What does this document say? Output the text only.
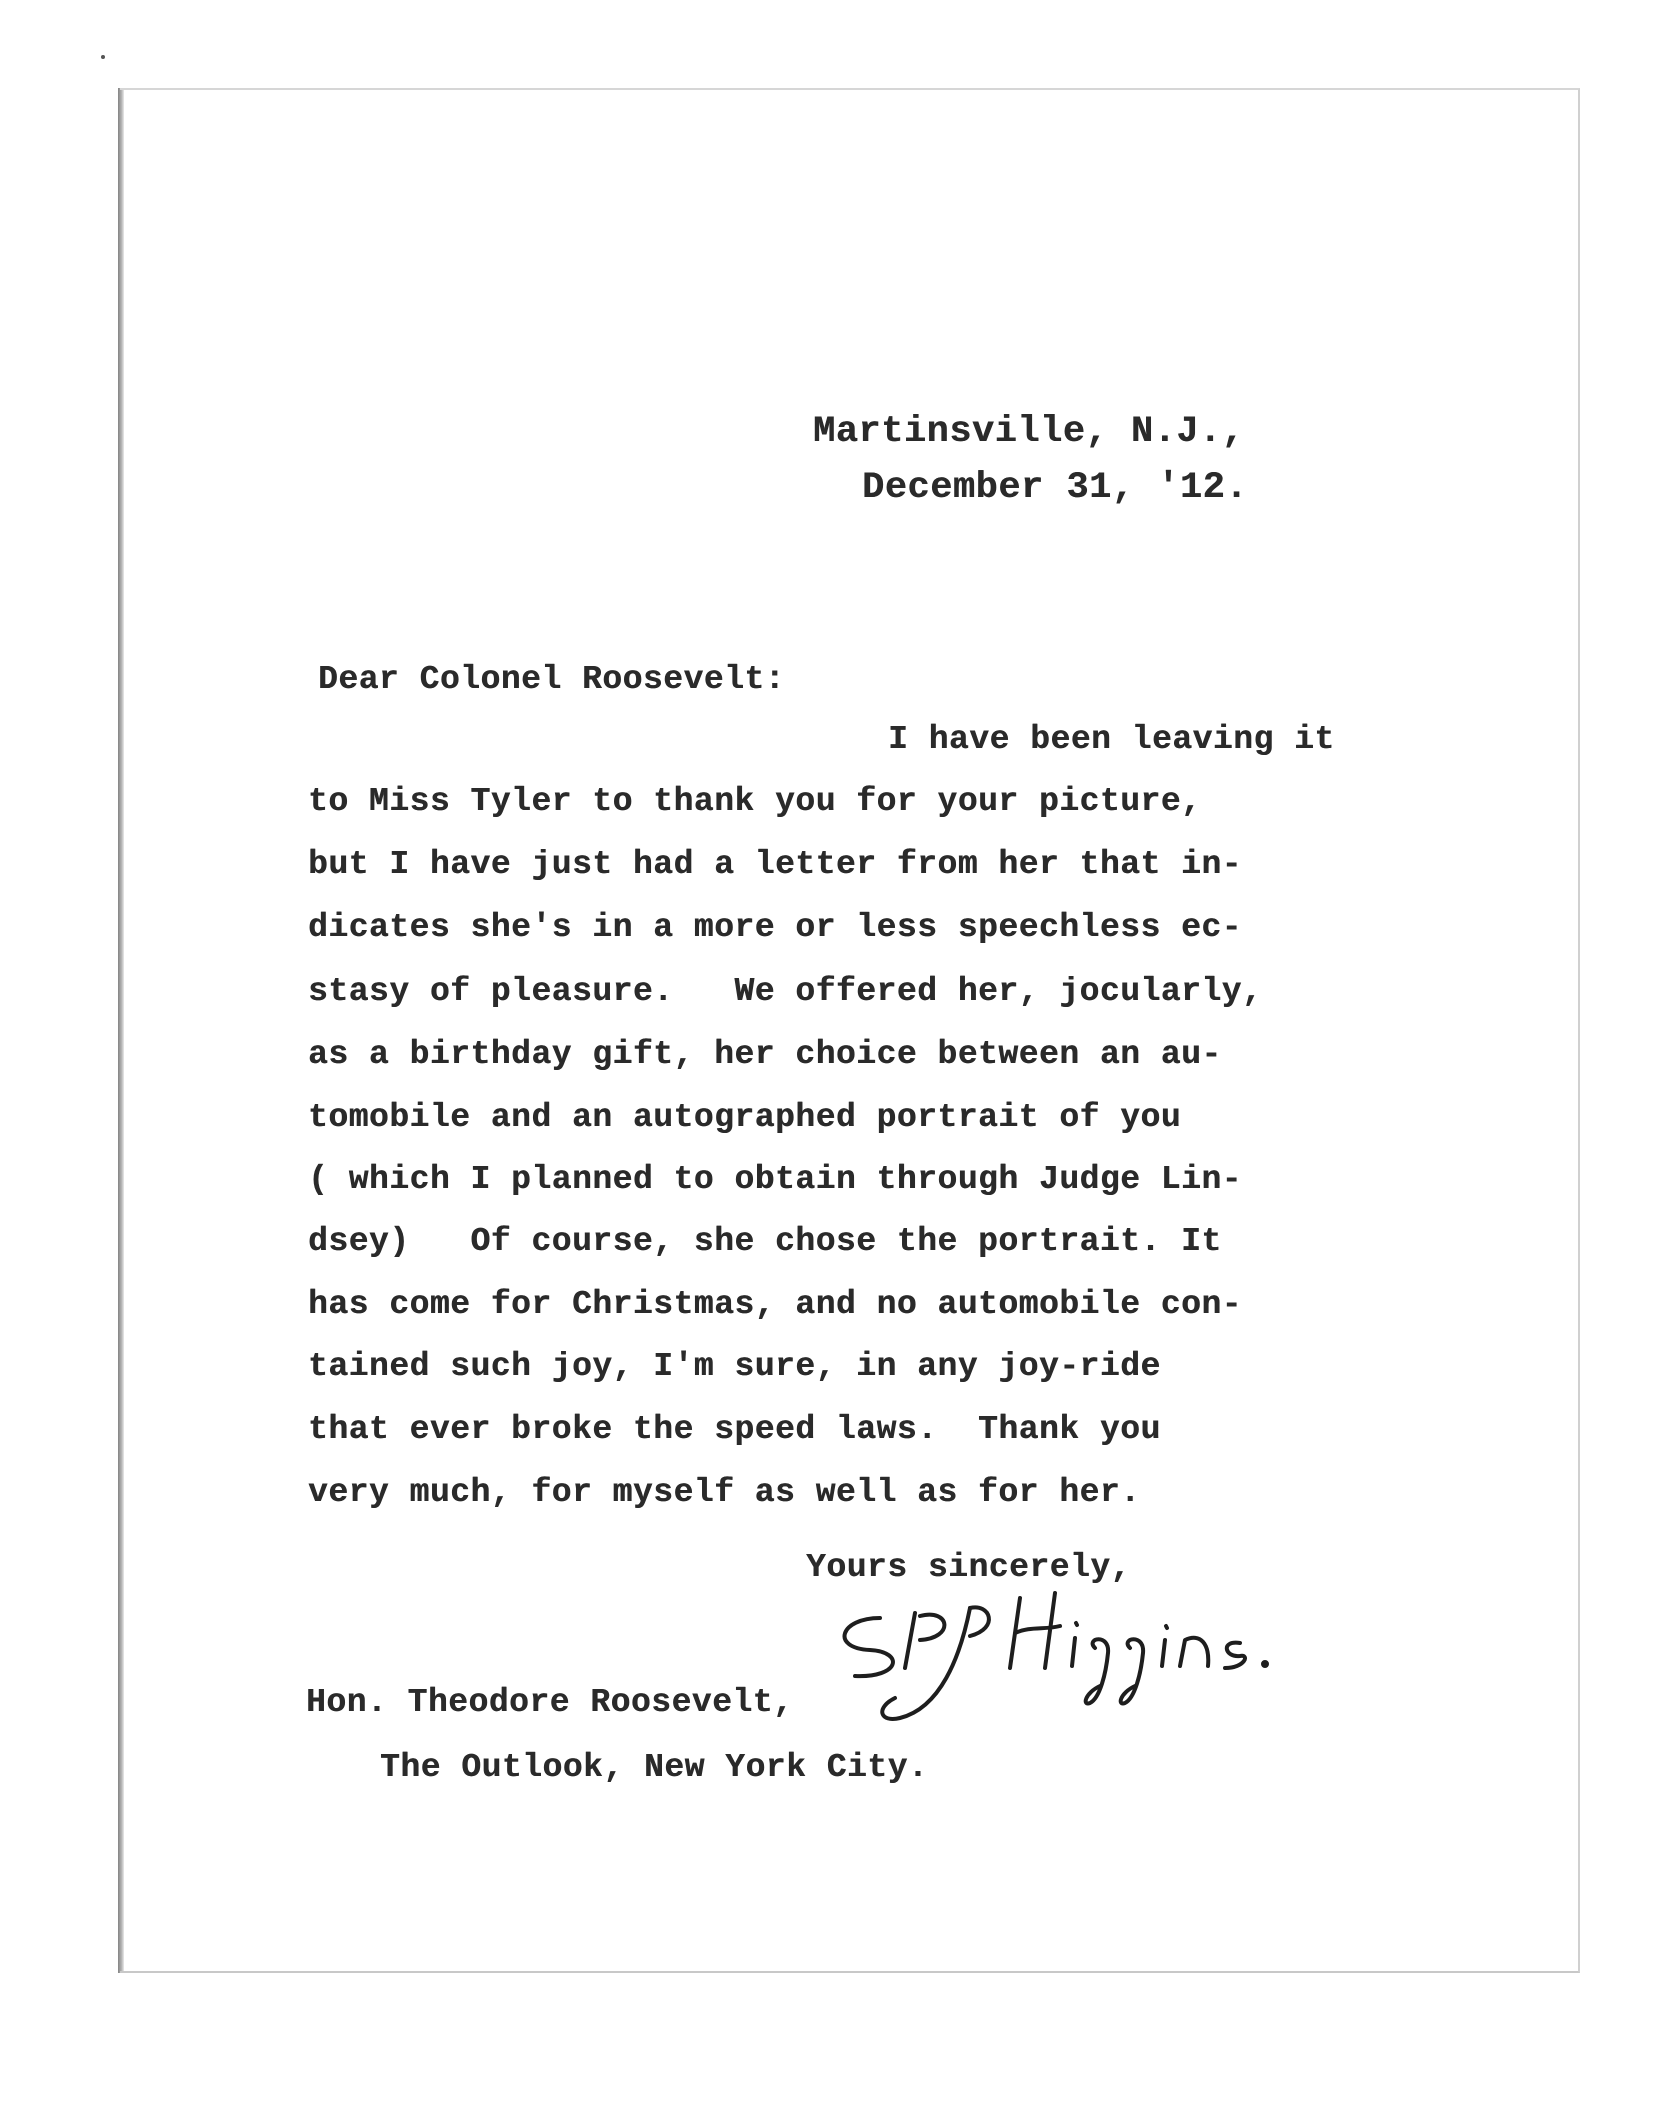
Martinsville, N.J.,
December 31, '12.
Dear Colonel Roosevelt:
I have been leaving it
to Miss Tyler to thank you for your picture,
but I have just had a letter from her that in-
dicates she's in a more or less speechless ec-
stasy of pleasure.   We offered her, jocularly,
as a birthday gift, her choice between an au-
tomobile and an autographed portrait of you
( which I planned to obtain through Judge Lin-
dsey)   Of course, she chose the portrait. It
has come for Christmas, and no automobile con-
tained such joy, I'm sure, in any joy-ride
that ever broke the speed laws.  Thank you
very much, for myself as well as for her.
Yours sincerely,
Hon. Theodore Roosevelt,
The Outlook, New York City.
